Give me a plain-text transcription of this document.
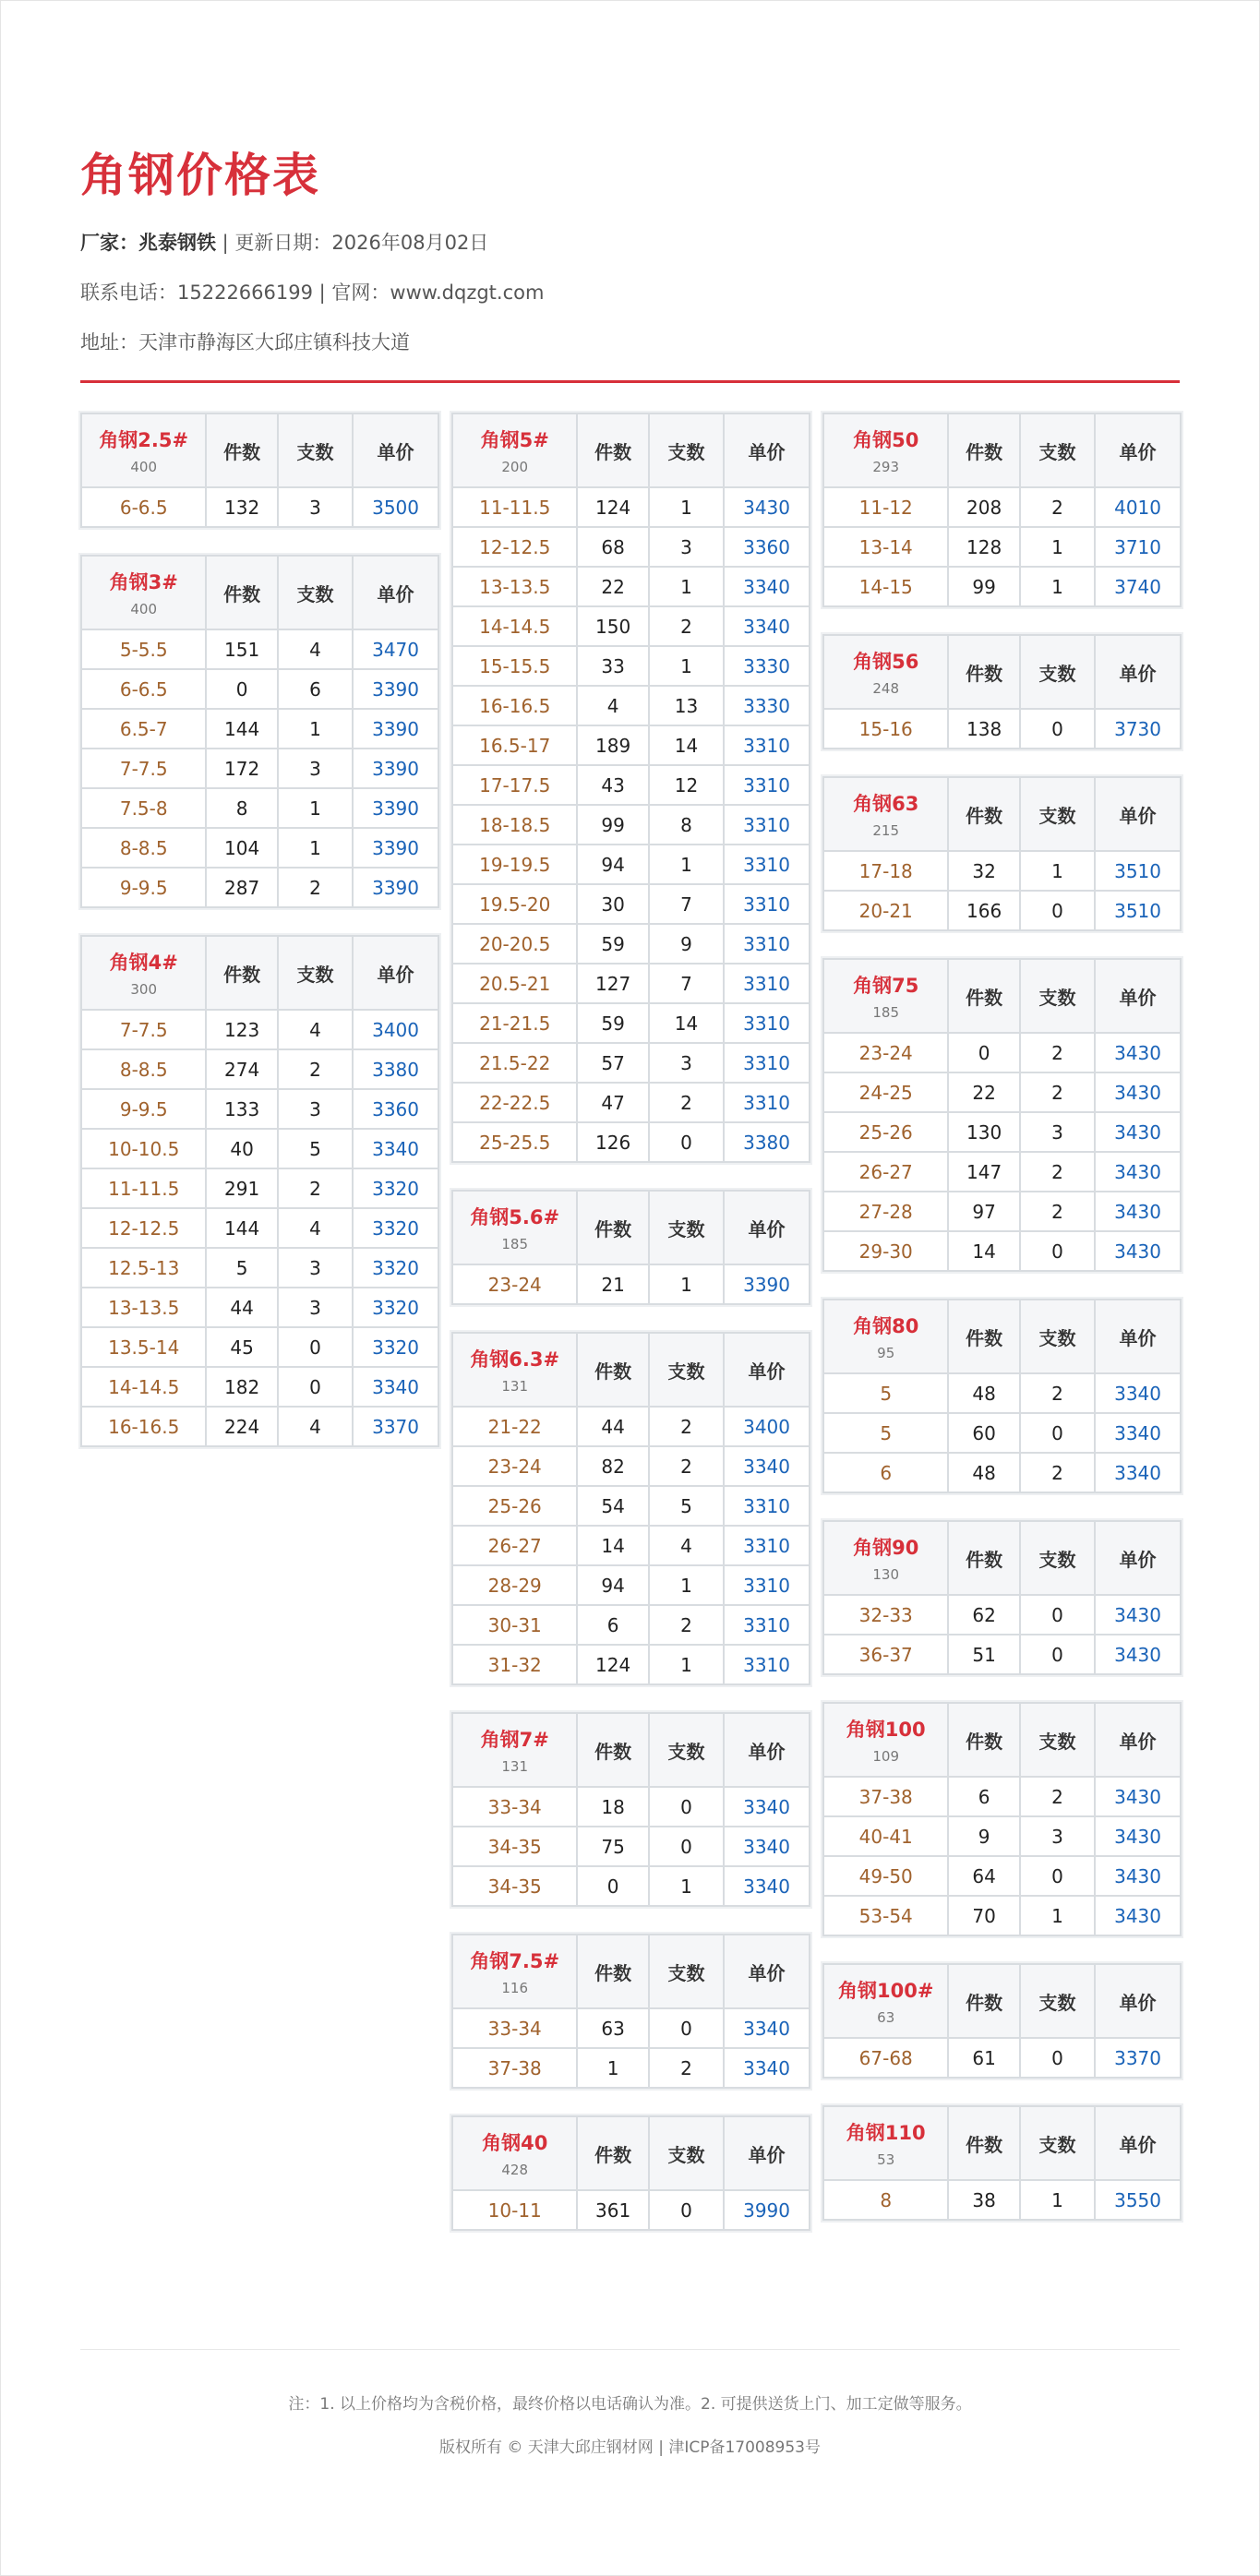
角钢价格表
厂家：兆泰钢铁 | 更新日期：2026年08月02日
联系电话：15222666199 | 官网：www.dqzgt.com
地址：天津市静海区大邱庄镇科技大道
角钢2.5#
400	件数	支数	单价
6-6.5	132	3	3500
角钢3#
400	件数	支数	单价
5-5.5	151	4	3470
6-6.5	0	6	3390
6.5-7	144	1	3390
7-7.5	172	3	3390
7.5-8	8	1	3390
8-8.5	104	1	3390
9-9.5	287	2	3390
角钢4#
300	件数	支数	单价
7-7.5	123	4	3400
8-8.5	274	2	3380
9-9.5	133	3	3360
10-10.5	40	5	3340
11-11.5	291	2	3320
12-12.5	144	4	3320
12.5-13	5	3	3320
13-13.5	44	3	3320
13.5-14	45	0	3320
14-14.5	182	0	3340
16-16.5	224	4	3370
角钢5#
200	件数	支数	单价
11-11.5	124	1	3430
12-12.5	68	3	3360
13-13.5	22	1	3340
14-14.5	150	2	3340
15-15.5	33	1	3330
16-16.5	4	13	3330
16.5-17	189	14	3310
17-17.5	43	12	3310
18-18.5	99	8	3310
19-19.5	94	1	3310
19.5-20	30	7	3310
20-20.5	59	9	3310
20.5-21	127	7	3310
21-21.5	59	14	3310
21.5-22	57	3	3310
22-22.5	47	2	3310
25-25.5	126	0	3380
角钢5.6#
185	件数	支数	单价
23-24	21	1	3390
角钢6.3#
131	件数	支数	单价
21-22	44	2	3400
23-24	82	2	3340
25-26	54	5	3310
26-27	14	4	3310
28-29	94	1	3310
30-31	6	2	3310
31-32	124	1	3310
角钢7#
131	件数	支数	单价
33-34	18	0	3340
34-35	75	0	3340
34-35	0	1	3340
角钢7.5#
116	件数	支数	单价
33-34	63	0	3340
37-38	1	2	3340
角钢40
428	件数	支数	单价
10-11	361	0	3990
角钢50
293	件数	支数	单价
11-12	208	2	4010
13-14	128	1	3710
14-15	99	1	3740
角钢56
248	件数	支数	单价
15-16	138	0	3730
角钢63
215	件数	支数	单价
17-18	32	1	3510
20-21	166	0	3510
角钢75
185	件数	支数	单价
23-24	0	2	3430
24-25	22	2	3430
25-26	130	3	3430
26-27	147	2	3430
27-28	97	2	3430
29-30	14	0	3430
角钢80
95	件数	支数	单价
5	48	2	3340
5	60	0	3340
6	48	2	3340
角钢90
130	件数	支数	单价
32-33	62	0	3430
36-37	51	0	3430
角钢100
109	件数	支数	单价
37-38	6	2	3430
40-41	9	3	3430
49-50	64	0	3430
53-54	70	1	3430
角钢100#
63	件数	支数	单价
67-68	61	0	3370
角钢110
53	件数	支数	单价
8	38	1	3550
注：1. 以上价格均为含税价格，最终价格以电话确认为准。2. 可提供送货上门、加工定做等服务。
版权所有 © 天津大邱庄钢材网 | 津ICP备17008953号
